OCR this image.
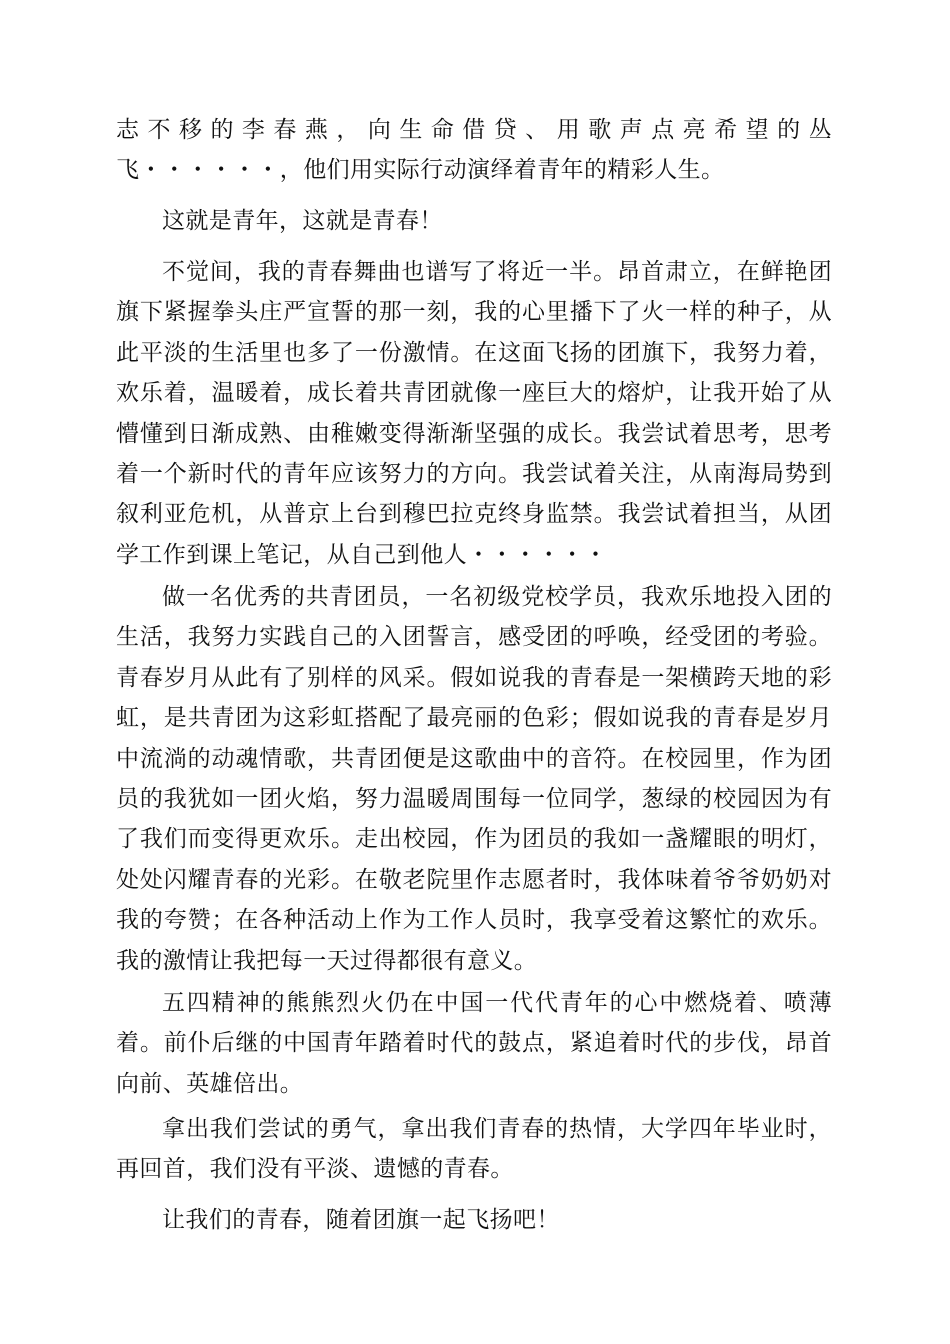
志不移的李春燕，向生命借贷、用歌声点亮希望的丛飞・・・・・・，他们用实际行动演绎着青年的精彩人生。

这就是青年，这就是青春！

不觉间，我的青春舞曲也谱写了将近一半。昂首肃立，在鲜艳团旗下紧握拳头庄严宣誓的那一刻，我的心里播下了火一样的种子，从此平淡的生活里也多了一份激情。在这面飞扬的团旗下，我努力着，欢乐着，温暖着，成长着共青团就像一座巨大的熔炉，让我开始了从懵懂到日渐成熟、由稚嫩变得渐渐坚强的成长。我尝试着思考，思考着一个新时代的青年应该努力的方向。我尝试着关注，从南海局势到叙利亚危机，从普京上台到穆巴拉克终身监禁。我尝试着担当，从团学工作到课上笔记，从自己到他人・・・・・・

做一名优秀的共青团员，一名初级党校学员，我欢乐地投入团的生活，我努力实践自己的入团誓言，感受团的呼唤，经受团的考验。青春岁月从此有了别样的风采。假如说我的青春是一架横跨天地的彩虹，是共青团为这彩虹搭配了最亮丽的色彩；假如说我的青春是岁月中流淌的动魂情歌，共青团便是这歌曲中的音符。在校园里，作为团员的我犹如一团火焰，努力温暖周围每一位同学，葱绿的校园因为有了我们而变得更欢乐。走出校园，作为团员的我如一盏耀眼的明灯，处处闪耀青春的光彩。在敬老院里作志愿者时，我体味着爷爷奶奶对我的夸赞；在各种活动上作为工作人员时，我享受着这繁忙的欢乐。我的激情让我把每一天过得都很有意义。

五四精神的熊熊烈火仍在中国一代代青年的心中燃烧着、喷薄着。前仆后继的中国青年踏着时代的鼓点，紧追着时代的步伐，昂首向前、英雄倍出。

拿出我们尝试的勇气，拿出我们青春的热情，大学四年毕业时，再回首，我们没有平淡、遗憾的青春。

让我们的青春，随着团旗一起飞扬吧！
